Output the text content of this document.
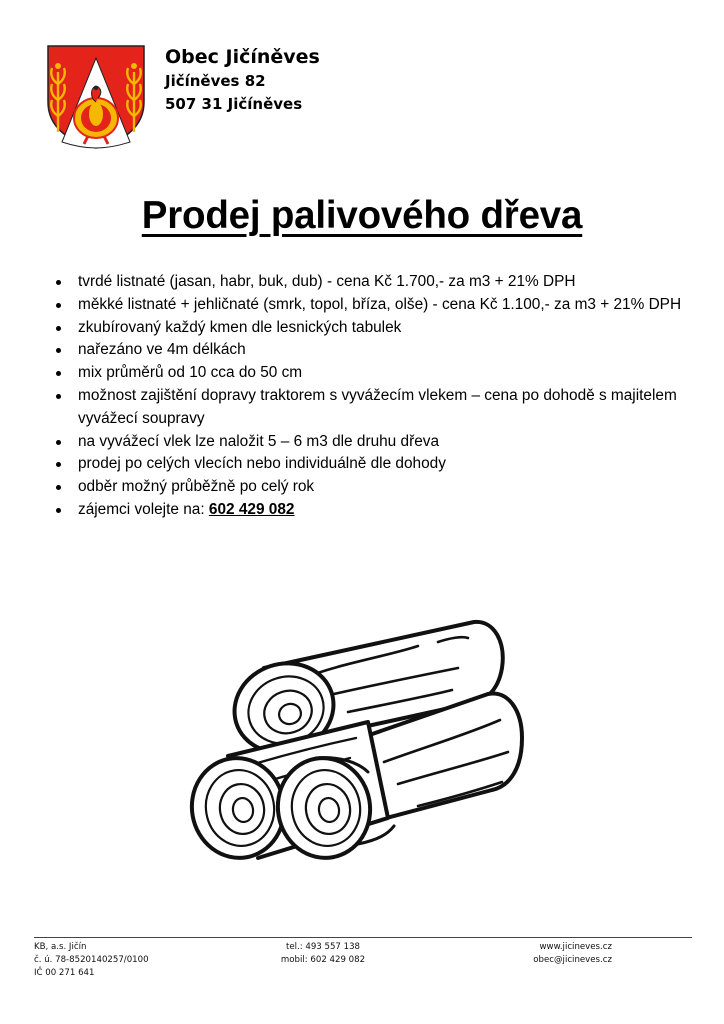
Obec Jičíněves
Jičíněves 82
507 31 Jičíněves
Prodej palivového dřeva
tvrdé listnaté (jasan, habr, buk, dub) - cena Kč 1.700,- za m3 + 21% DPH
měkké listnaté + jehličnaté (smrk, topol, bříza, olše) - cena Kč 1.100,- za m3 + 21% DPH
zkubírovaný každý kmen dle lesnických tabulek
nařezáno ve 4m délkách
mix průměrů od 10 cca do 50 cm
možnost zajištění dopravy traktorem s vyvážecím vlekem – cena po dohodě s majitelem vyvážecí soupravy
na vyvážecí vlek lze naložit 5 – 6 m3 dle druhu dřeva
prodej po celých vlecích nebo individuálně dle dohody
odběr možný průběžně po celý rok
zájemci volejte na: 602 429 082
KB, a.s. Jičín
č. ú. 78-8520140257/0100
IČ 00 271 641
tel.: 493 557 138
mobil: 602 429 082
www.jicineves.cz
obec@jicineves.cz
